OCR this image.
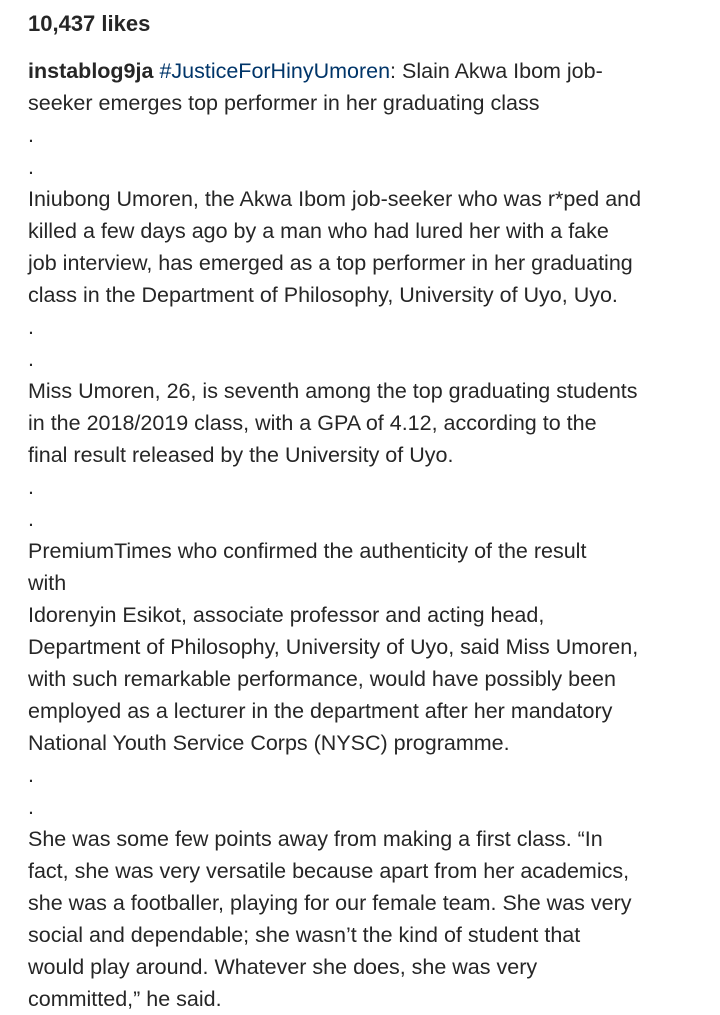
10,437 likes
instablog9ja #JusticeForHinyUmoren: Slain Akwa Ibom job-
seeker emerges top performer in her graduating class
.
.
Iniubong Umoren, the Akwa Ibom job-seeker who was r*ped and
killed a few days ago by a man who had lured her with a fake
job interview, has emerged as a top performer in her graduating
class in the Department of Philosophy, University of Uyo, Uyo.
.
.
Miss Umoren, 26, is seventh among the top graduating students
in the 2018/2019 class, with a GPA of 4.12, according to the
final result released by the University of Uyo.
.
.
PremiumTimes who confirmed the authenticity of the result
with
Idorenyin Esikot, associate professor and acting head,
Department of Philosophy, University of Uyo, said Miss Umoren,
with such remarkable performance, would have possibly been
employed as a lecturer in the department after her mandatory
National Youth Service Corps (NYSC) programme.
.
.
She was some few points away from making a first class. “In
fact, she was very versatile because apart from her academics,
she was a footballer, playing for our female team. She was very
social and dependable; she wasn’t the kind of student that
would play around. Whatever she does, she was very
committed,” he said.
